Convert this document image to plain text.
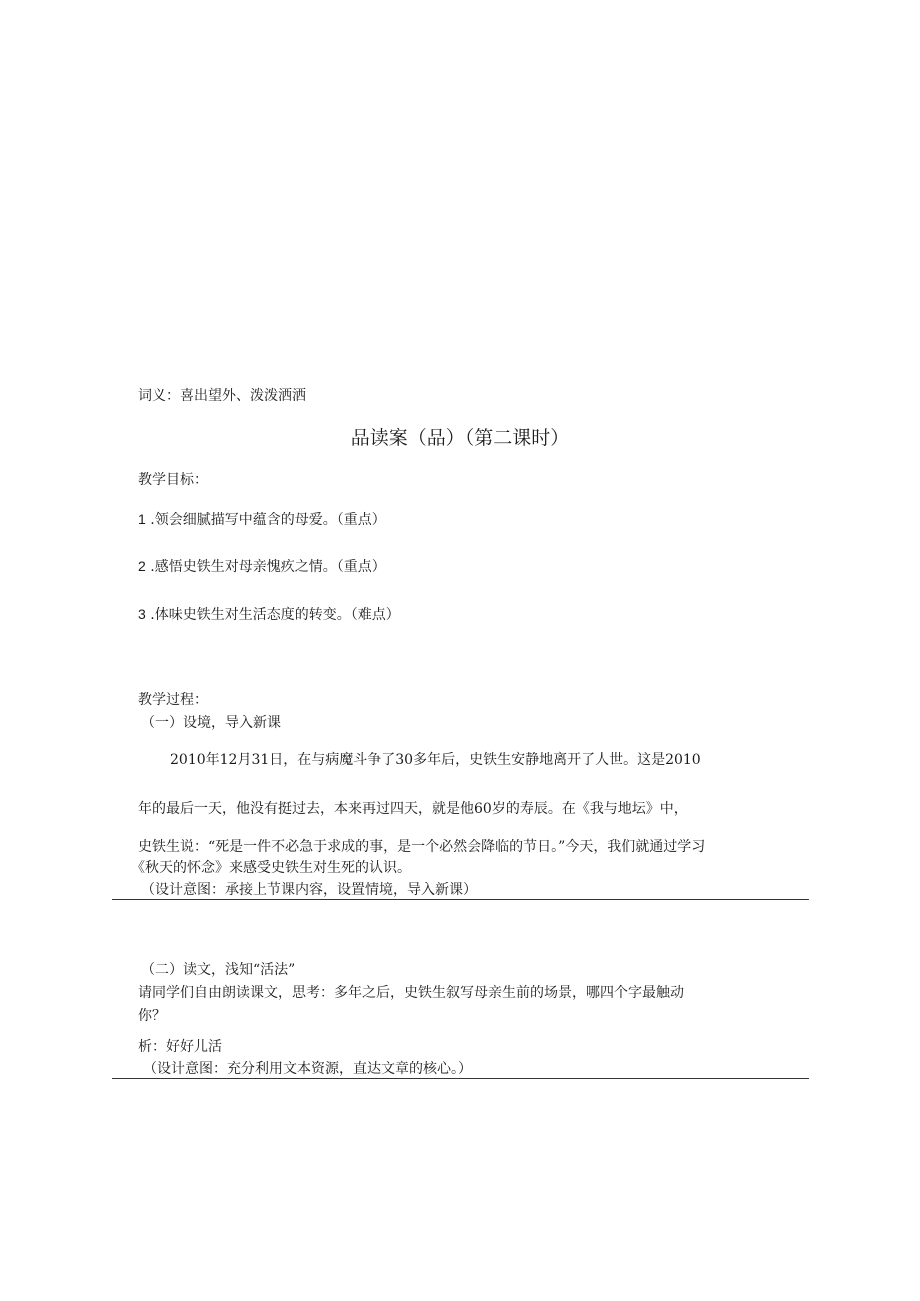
词义：喜出望外、泼泼洒洒
品读案（品）（第二课时）
教学目标：
1 .领会细腻描写中蕴含的母爱。（重点）
2 .感悟史铁生对母亲愧疚之情。（重点）
3 .体味史铁生对生活态度的转变。（难点）
教学过程：
（一）设境，导入新课
2010年12月31日，在与病魔斗争了30多年后，史铁生安静地离开了人世。这是2010
年的最后一天，他没有挺过去，本来再过四天，就是他60岁的寿辰。在《我与地坛》中，
史铁生说：“死是一件不必急于求成的事，是一个必然会降临的节日。”今天，我们就通过学习
《秋天的怀念》来感受史铁生对生死的认识。
（设计意图：承接上节课内容，设置情境，导入新课）
（二）读文，浅知“活法”
请同学们自由朗读课文，思考：多年之后，史铁生叙写母亲生前的场景，哪四个字最触动
你？
析：好好儿活
（设计意图：充分利用文本资源，直达文章的核心。）
